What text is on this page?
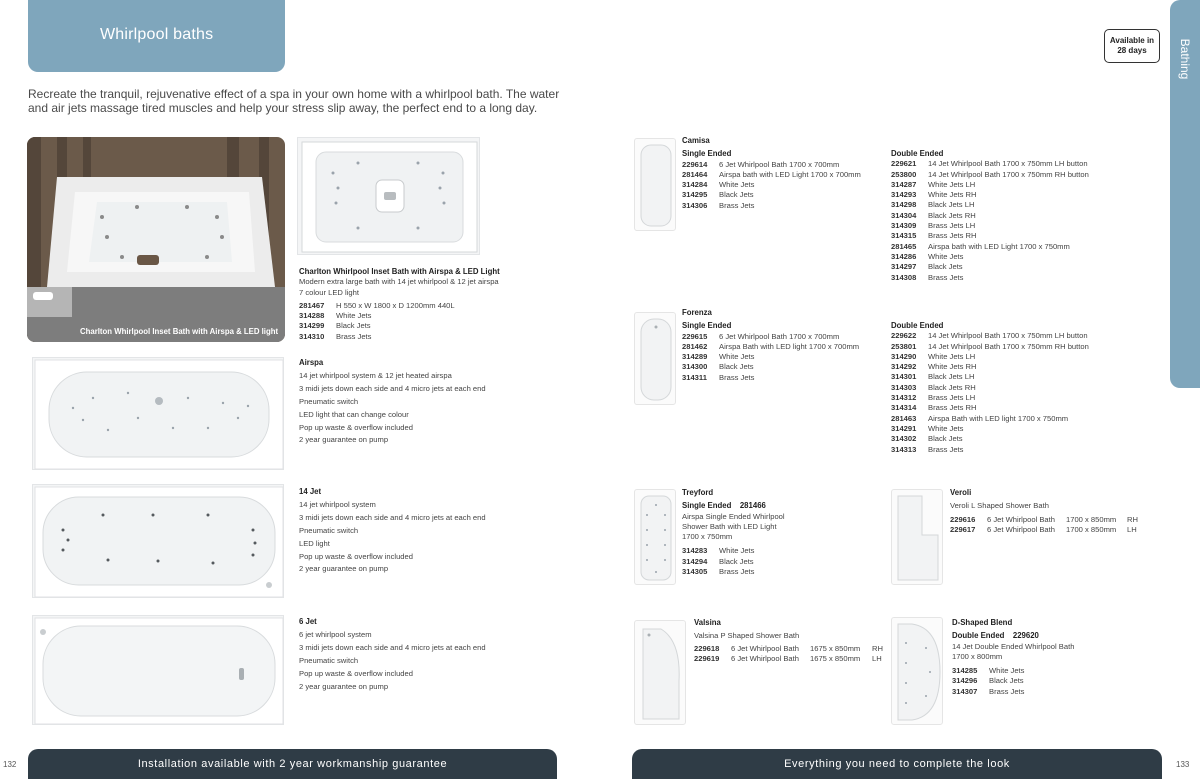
Whirlpool baths
Recreate the tranquil, rejuvenative effect of a spa in your own home with a whirlpool bath. The water and air jets massage tired muscles and help your stress slip away, the perfect end to a long day.
Available in
28 days	Bathing
Charlton Whirlpool Inset Bath with Airspa & LED light
Charlton Whirlpool Inset Bath with Airspa & LED Light
Modern extra large bath with 14 jet whirlpool & 12 jet airspa
7 colour LED light
281467 H 550 x W 1800 x D 1200mm 440L
314288 White Jets
314299 Black Jets
314310 Brass Jets
Airspa
14 jet whirlpool system & 12 jet heated airspa
3 midi jets down each side and 4 micro jets at each end
Pneumatic switch
LED light that can change colour
Pop up waste & overflow included
2 year guarantee on pump
14 Jet
14 jet whirlpool system
3 midi jets down each side and 4 micro jets at each end
Pneumatic switch
LED light
Pop up waste & overflow included
2 year guarantee on pump
6 Jet
6 jet whirlpool system
3 midi jets down each side and 4 micro jets at each end
Pneumatic switch
Pop up waste & overflow included
2 year guarantee on pump
Camisa
Single Ended
229614 6 Jet Whirlpool Bath 1700 x 700mm
281464 Airspa bath with LED Light 1700 x 700mm
314284 White Jets
314295 Black Jets
314306 Brass Jets
Double Ended
229621 14 Jet Whirlpool Bath 1700 x 750mm LH button
253800 14 Jet Whirlpool Bath 1700 x 750mm RH button
314287 White Jets LH
314293 White Jets RH
314298 Black Jets LH
314304 Black Jets RH
314309 Brass Jets LH
314315 Brass Jets RH
281465 Airspa bath with LED Light 1700 x 750mm
314286 White Jets
314297 Black Jets
314308 Brass Jets
Forenza
Single Ended
229615 6 Jet Whirlpool Bath 1700 x 700mm
281462 Airspa Bath with LED light 1700 x 700mm
314289 White Jets
314300 Black Jets
314311 Brass Jets
Double Ended
229622 14 Jet Whirlpool Bath 1700 x 750mm LH button
253801 14 Jet Whirlpool Bath 1700 x 750mm RH button
314290 White Jets LH
314292 White Jets RH
314301 Black Jets LH
314303 Black Jets RH
314312 Brass Jets LH
314314 Brass Jets RH
281463 Airspa Bath with LED light 1700 x 750mm
314291 White Jets
314302 Black Jets
314313 Brass Jets
Treyford
Single Ended 281466
Airspa Single Ended Whirlpool
Shower Bath with LED Light
1700 x 750mm
314283 White Jets
314294 Black Jets
314305 Brass Jets
Veroli
Veroli L Shaped Shower Bath
229616 6 Jet Whirlpool Bath 1700 x 850mm RH
229617 6 Jet Whirlpool Bath 1700 x 850mm LH
Valsina
Valsina P Shaped Shower Bath
229618 6 Jet Whirlpool Bath 1675 x 850mm RH
229619 6 Jet Whirlpool Bath 1675 x 850mm LH
D-Shaped Blend
Double Ended 229620
14 Jet Double Ended Whirlpool Bath
1700 x 800mm
314285 White Jets
314296 Black Jets
314307 Brass Jets
Installation available with 2 year workmanship guarantee	Everything you need to complete the look
132	133
